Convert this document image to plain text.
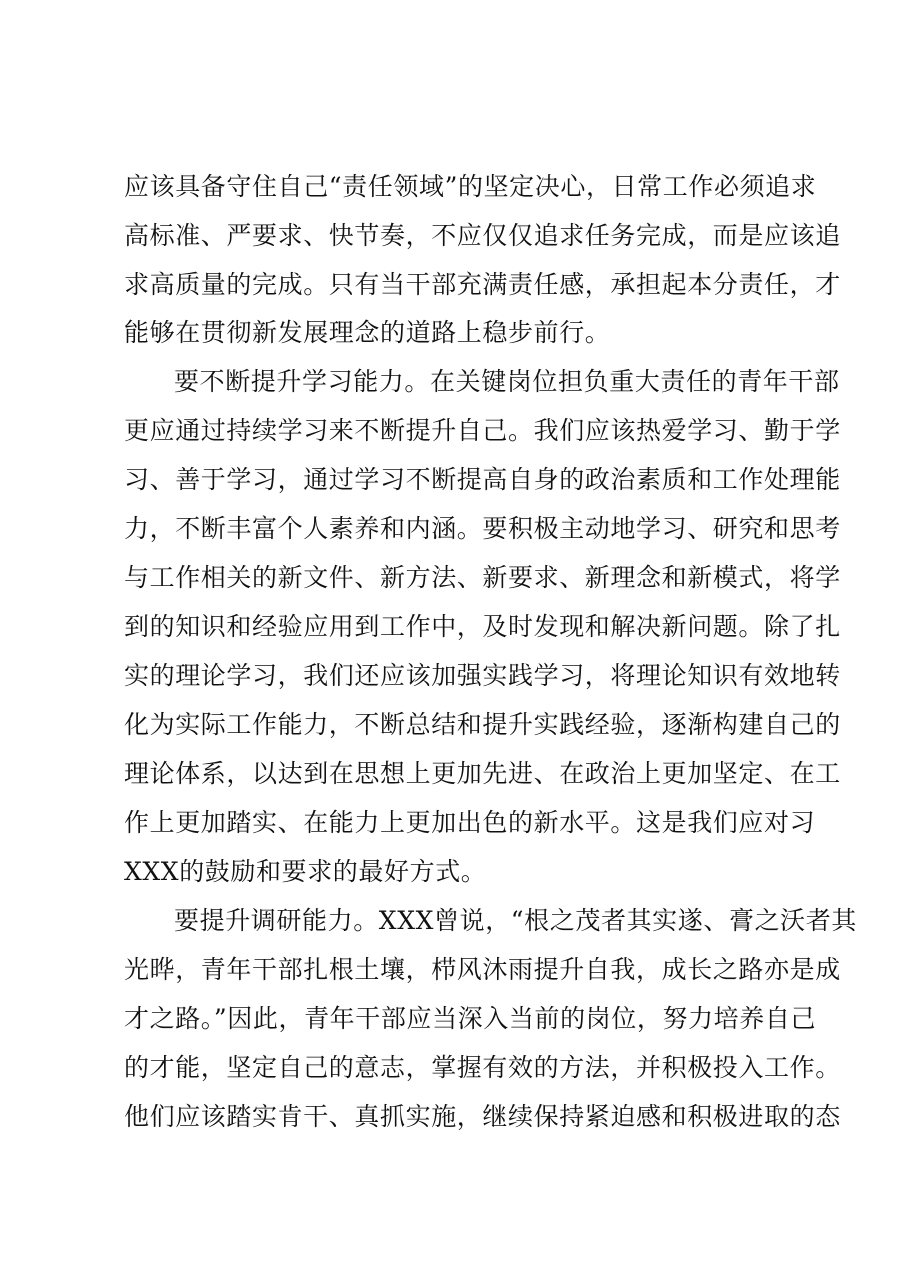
应该具备守住自己“责任领域”的坚定决心，日常工作必须追求
高标准、严要求、快节奏，不应仅仅追求任务完成，而是应该追
求高质量的完成。只有当干部充满责任感，承担起本分责任，才
能够在贯彻新发展理念的道路上稳步前行。
要不断提升学习能力。在关键岗位担负重大责任的青年干部
更应通过持续学习来不断提升自己。我们应该热爱学习、勤于学
习、善于学习，通过学习不断提高自身的政治素质和工作处理能
力，不断丰富个人素养和内涵。要积极主动地学习、研究和思考
与工作相关的新文件、新方法、新要求、新理念和新模式，将学
到的知识和经验应用到工作中，及时发现和解决新问题。除了扎
实的理论学习，我们还应该加强实践学习，将理论知识有效地转
化为实际工作能力，不断总结和提升实践经验，逐渐构建自己的
理论体系，以达到在思想上更加先进、在政治上更加坚定、在工
作上更加踏实、在能力上更加出色的新水平。这是我们应对习
XXX的鼓励和要求的最好方式。
要提升调研能力。XXX曾说，“根之茂者其实遂、膏之沃者其
光晔，青年干部扎根土壤，栉风沐雨提升自我，成长之路亦是成
才之路。”因此，青年干部应当深入当前的岗位，努力培养自己
的才能，坚定自己的意志，掌握有效的方法，并积极投入工作。
他们应该踏实肯干、真抓实施，继续保持紧迫感和积极进取的态
